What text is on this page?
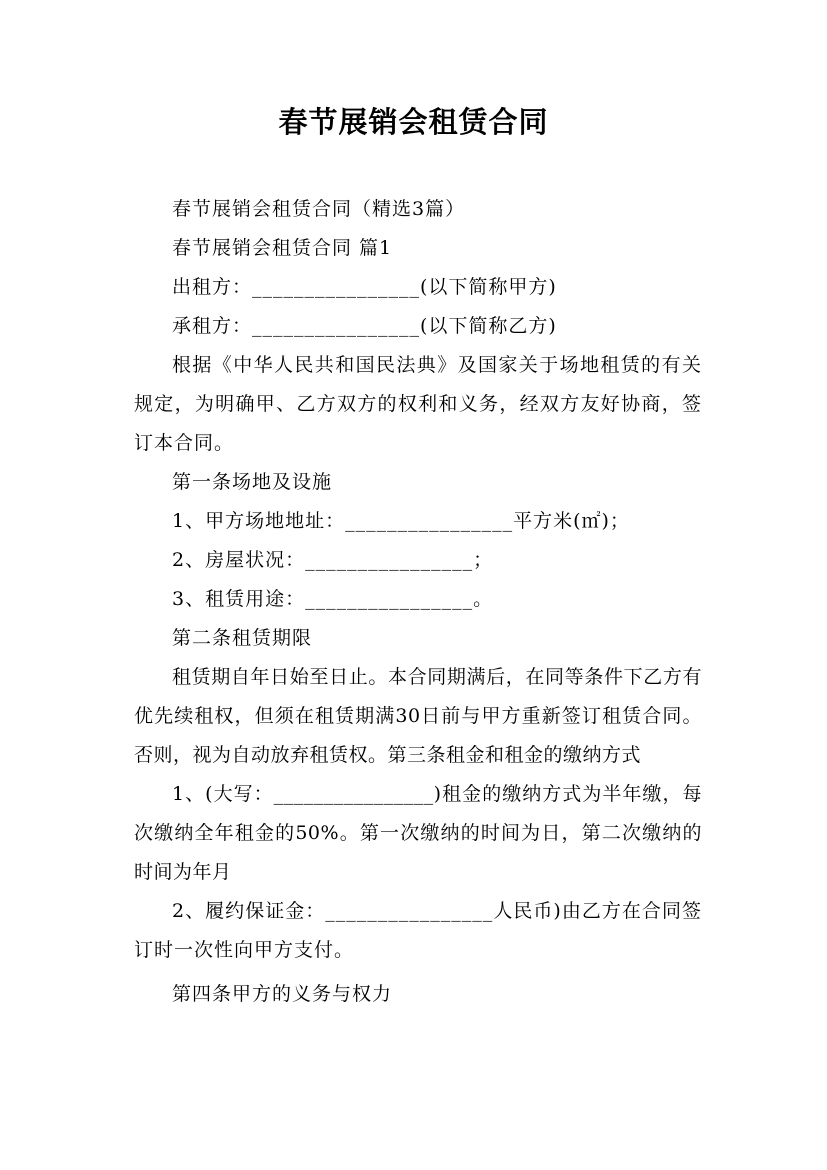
春节展销会租赁合同

春节展销会租赁合同（精选3篇）

春节展销会租赁合同 篇1

出租方：________________(以下简称甲方)

承租方：________________(以下简称乙方)

根据《中华人民共和国民法典》及国家关于场地租赁的有关规定，为明确甲、乙方双方的权利和义务，经双方友好协商，签订本合同。

第一条场地及设施

1、甲方场地地址：________________平方米(㎡)；

2、房屋状况：________________；

3、租赁用途：________________。

第二条租赁期限

租赁期自年日始至日止。本合同期满后，在同等条件下乙方有优先续租权，但须在租赁期满30日前与甲方重新签订租赁合同。否则，视为自动放弃租赁权。第三条租金和租金的缴纳方式

1、(大写：________________)租金的缴纳方式为半年缴，每次缴纳全年租金的50%。第一次缴纳的时间为日，第二次缴纳的时间为年月

2、履约保证金：________________人民币)由乙方在合同签订时一次性向甲方支付。

第四条甲方的义务与权力
